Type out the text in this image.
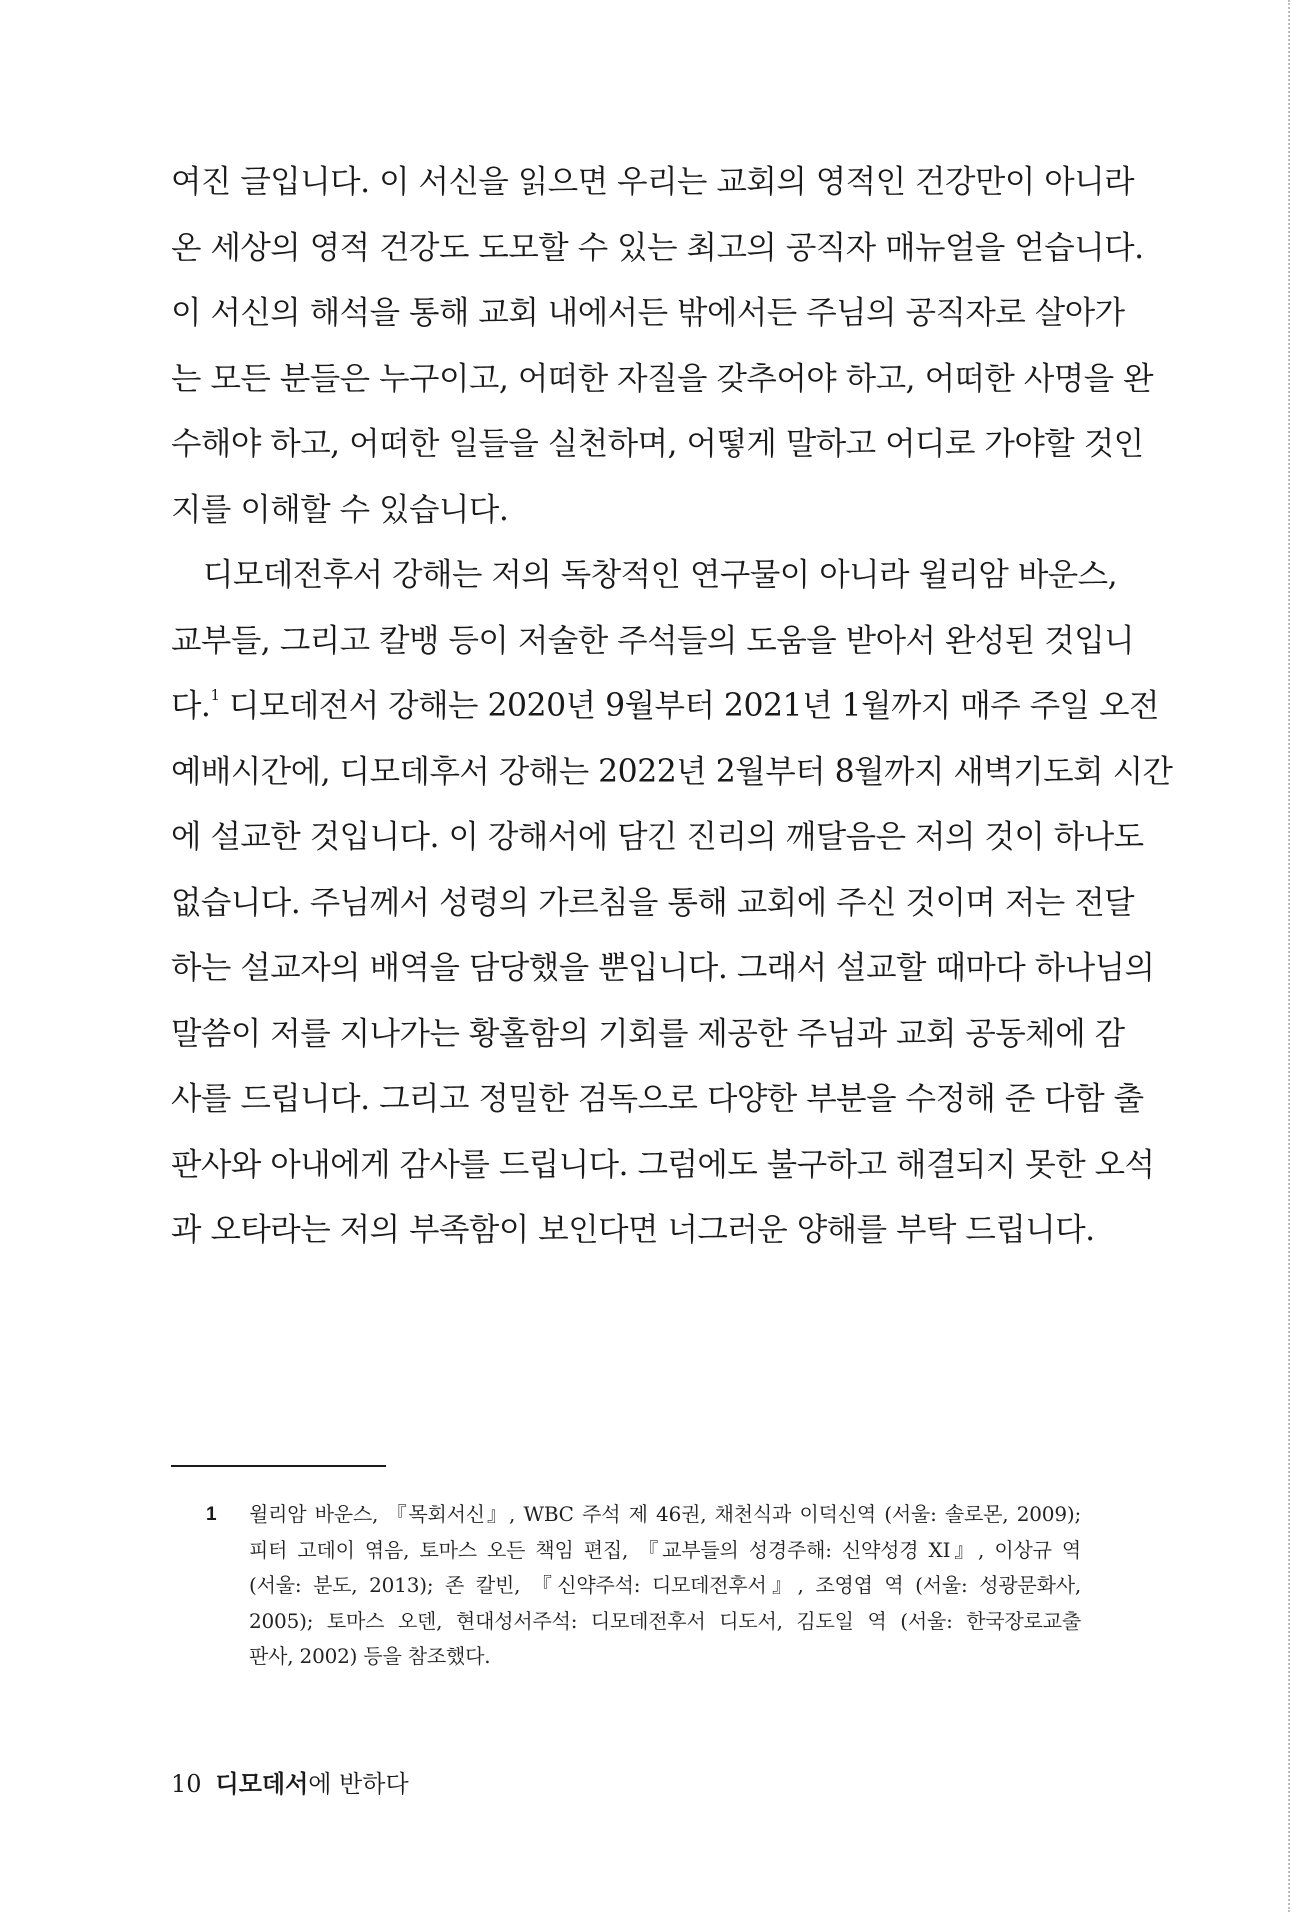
여진 글입니다. 이 서신을 읽으면 우리는 교회의 영적인 건강만이 아니라
온 세상의 영적 건강도 도모할 수 있는 최고의 공직자 매뉴얼을 얻습니다.
이 서신의 해석을 통해 교회 내에서든 밖에서든 주님의 공직자로 살아가
는 모든 분들은 누구이고, 어떠한 자질을 갖추어야 하고, 어떠한 사명을 완
수해야 하고, 어떠한 일들을 실천하며, 어떻게 말하고 어디로 가야할 것인
지를 이해할 수 있습니다.
디모데전후서 강해는 저의 독창적인 연구물이 아니라 윌리암 바운스,
교부들, 그리고 칼뱅 등이 저술한 주석들의 도움을 받아서 완성된 것입니
다.$^1$ 디모데전서 강해는 2020년 9월부터 2021년 1월까지 매주 주일 오전
예배시간에, 디모데후서 강해는 2022년 2월부터 8월까지 새벽기도회 시간
에 설교한 것입니다. 이 강해서에 담긴 진리의 깨달음은 저의 것이 하나도
없습니다. 주님께서 성령의 가르침을 통해 교회에 주신 것이며 저는 전달
하는 설교자의 배역을 담당했을 뿐입니다. 그래서 설교할 때마다 하나님의
말씀이 저를 지나가는 황홀함의 기회를 제공한 주님과 교회 공동체에 감
사를 드립니다. 그리고 정밀한 검독으로 다양한 부분을 수정해 준 다함 출
판사와 아내에게 감사를 드립니다. 그럼에도 불구하고 해결되지 못한 오석
과 오타라는 저의 부족함이 보인다면 너그러운 양해를 부탁 드립니다.
1 윌리암 바운스, 『목회서신』, WBC 주석 제 46권, 채천식과 이덕신역 (서울: 솔로몬, 2009);
피터 고데이 엮음, 토마스 오든 책임 편집, 『교부들의 성경주해: 신약성경 XI』, 이상규 역
(서울: 분도, 2013); 존 칼빈, 『신약주석: 디모데전후서』, 조영엽 역 (서울: 성광문화사,
2005); 토마스 오덴, 현대성서주석: 디모데전후서 디도서, 김도일 역 (서울: 한국장로교출
판사, 2002) 등을 참조했다.
10 디모데서에 반하다
